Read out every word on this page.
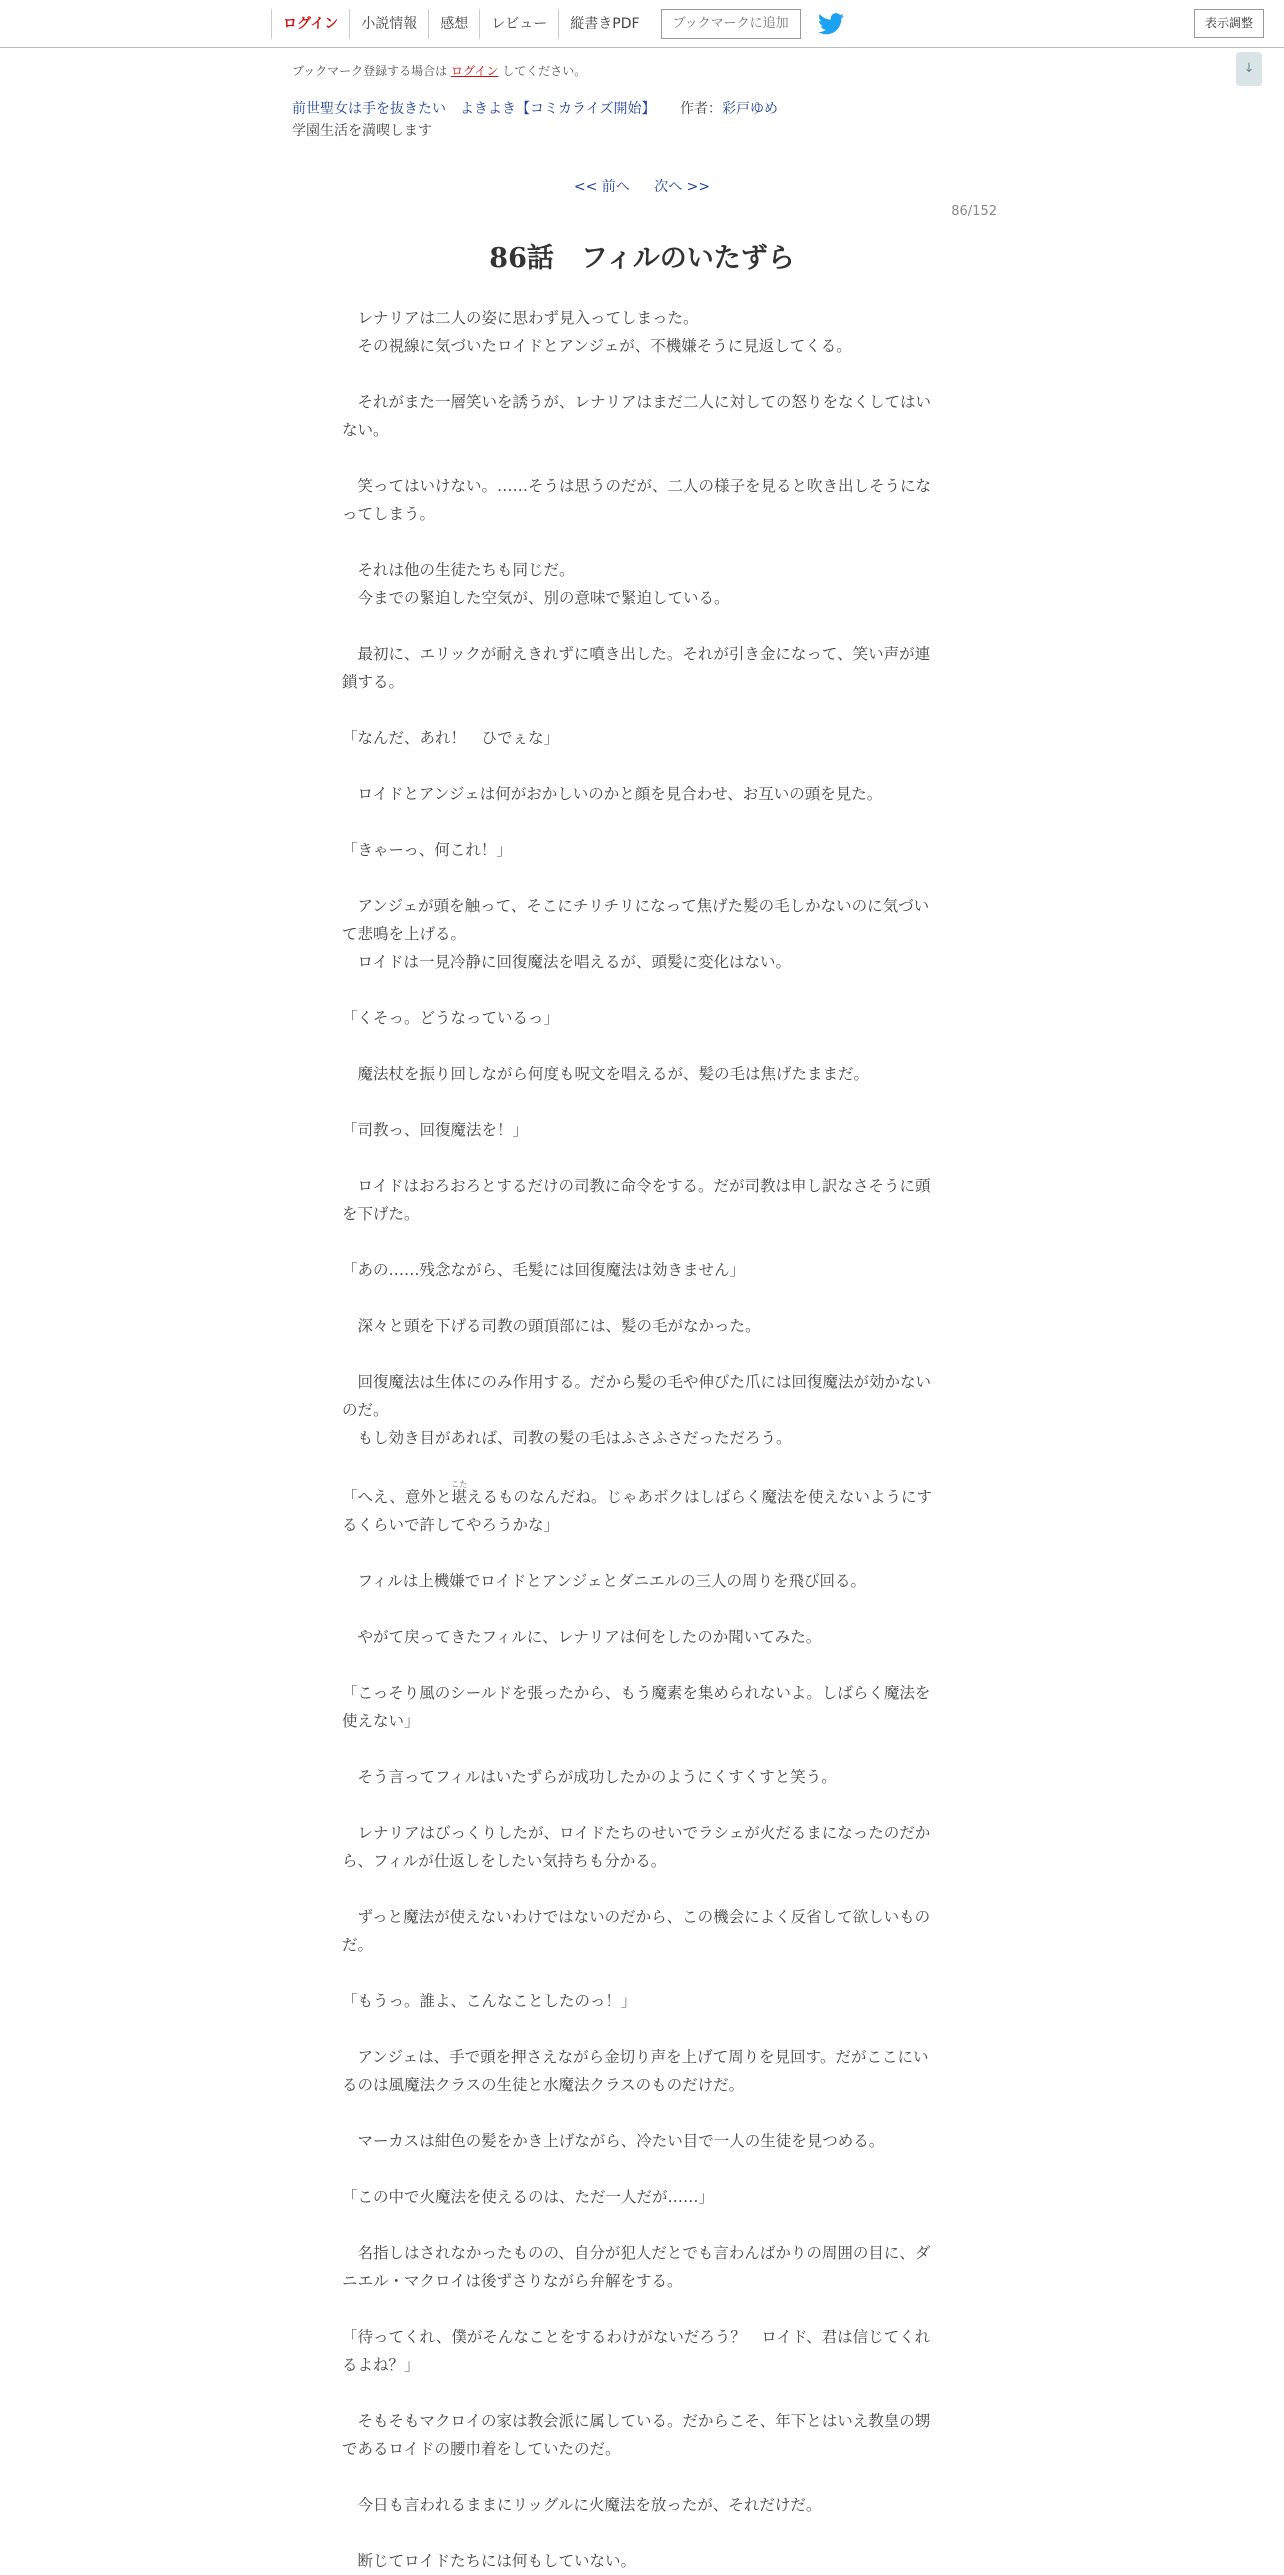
ログイン	小説情報	感想	レビュー	縦書きPDF	ブックマークに追加	表示調整
↓
ブックマーク登録する場合は ログイン してください。
前世聖女は手を抜きたい　よきよき【コミカライズ開始】 作者：彩戸ゆめ
学園生活を満喫します
<< 前へ 次へ >>
86/152
86話　フィルのいたずら

　レナリアは二人の姿に思わず見入ってしまった。

　その視線に気づいたロイドとアンジェが、不機嫌そうに見返してくる。

　それがまた一層笑いを誘うが、レナリアはまだ二人に対しての怒りをなくしてはいない。

　笑ってはいけない。……そうは思うのだが、二人の様子を見ると吹き出しそうになってしまう。

　それは他の生徒たちも同じだ。

　今までの緊迫した空気が、別の意味で緊迫している。

　最初に、エリックが耐えきれずに噴き出した。それが引き金になって、笑い声が連鎖する。

「なんだ、あれ！　ひでぇな」

　ロイドとアンジェは何がおかしいのかと顔を見合わせ、お互いの頭を見た。

「きゃーっ、何これ！」

　アンジェが頭を触って、そこにチリチリになって焦げた髪の毛しかないのに気づいて悲鳴を上げる。

　ロイドは一見冷静に回復魔法を唱えるが、頭髪に変化はない。

「くそっ。どうなっているっ」

　魔法杖を振り回しながら何度も呪文を唱えるが、髪の毛は焦げたままだ。

「司教っ、回復魔法を！」

　ロイドはおろおろとするだけの司教に命令をする。だが司教は申し訳なさそうに頭を下げた。

「あの……残念ながら、毛髪には回復魔法は効きません」

　深々と頭を下げる司教の頭頂部には、髪の毛がなかった。

　回復魔法は生体にのみ作用する。だから髪の毛や伸びた爪には回復魔法が効かないのだ。

　もし効き目があれば、司教の髪の毛はふさふさだっただろう。

「へえ、意外と堪こたえるものなんだね。じゃあボクはしばらく魔法を使えないようにするくらいで許してやろうかな」

　フィルは上機嫌でロイドとアンジェとダニエルの三人の周りを飛び回る。

　やがて戻ってきたフィルに、レナリアは何をしたのか聞いてみた。

「こっそり風のシールドを張ったから、もう魔素を集められないよ。しばらく魔法を使えない」

　そう言ってフィルはいたずらが成功したかのようにくすくすと笑う。

　レナリアはびっくりしたが、ロイドたちのせいでラシェが火だるまになったのだから、フィルが仕返しをしたい気持ちも分かる。

　ずっと魔法が使えないわけではないのだから、この機会によく反省して欲しいものだ。

「もうっ。誰よ、こんなことしたのっ！」

　アンジェは、手で頭を押さえながら金切り声を上げて周りを見回す。だがここにいるのは風魔法クラスの生徒と水魔法クラスのものだけだ。

　マーカスは紺色の髪をかき上げながら、冷たい目で一人の生徒を見つめる。

「この中で火魔法を使えるのは、ただ一人だが……」

　名指しはされなかったものの、自分が犯人だとでも言わんばかりの周囲の目に、ダニエル・マクロイは後ずさりながら弁解をする。

「待ってくれ、僕がそんなことをするわけがないだろう？　ロイド、君は信じてくれるよね？」

　そもそもマクロイの家は教会派に属している。だからこそ、年下とはいえ教皇の甥であるロイドの腰巾着をしていたのだ。

　今日も言われるままにリッグルに火魔法を放ったが、それだけだ。

　断じてロイドたちには何もしていない。
